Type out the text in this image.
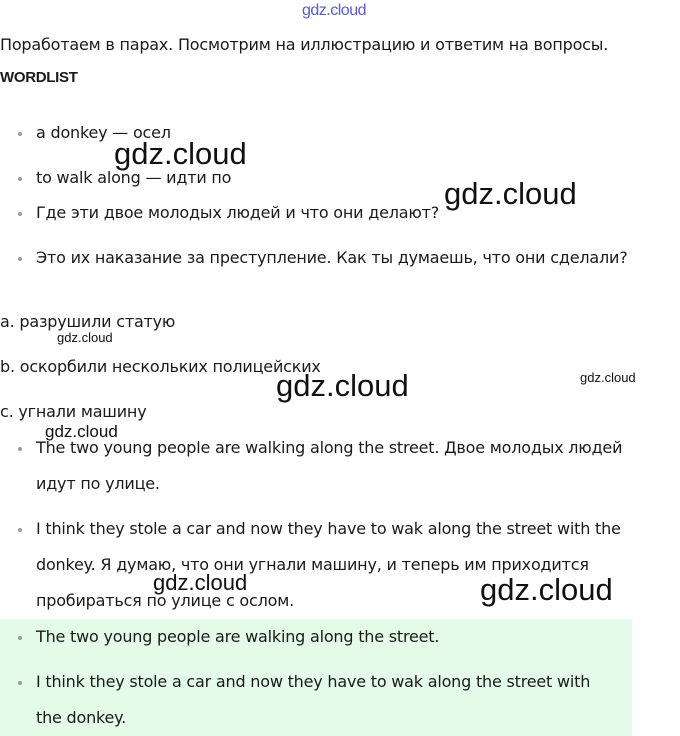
gdz.cloud
Поработаем в парах. Посмотрим на иллюстрацию и ответим на вопросы.
WORDLIST
a donkey — осел
to walk along — идти по
Где эти двое молодых людей и что они делают?
Это их наказание за преступление. Как ты думаешь, что они сделали?
a. разрушили статую
b. оскорбили нескольких полицейских
c. угнали машину
The two young people are walking along the street. Двое молодых людей
идут по улице.
I think they stole a car and now they have to wak along the street with the
donkey. Я думаю, что они угнали машину, и теперь им приходится
пробираться по улице с ослом.
The two young people are walking along the street.
I think they stole a car and now they have to wak along the street with
the donkey.
gdz.cloud
gdz.cloud
gdz.cloud
gdz.cloud	gdz.cloud
gdz.cloud
gdz.cloud	gdz.cloud
